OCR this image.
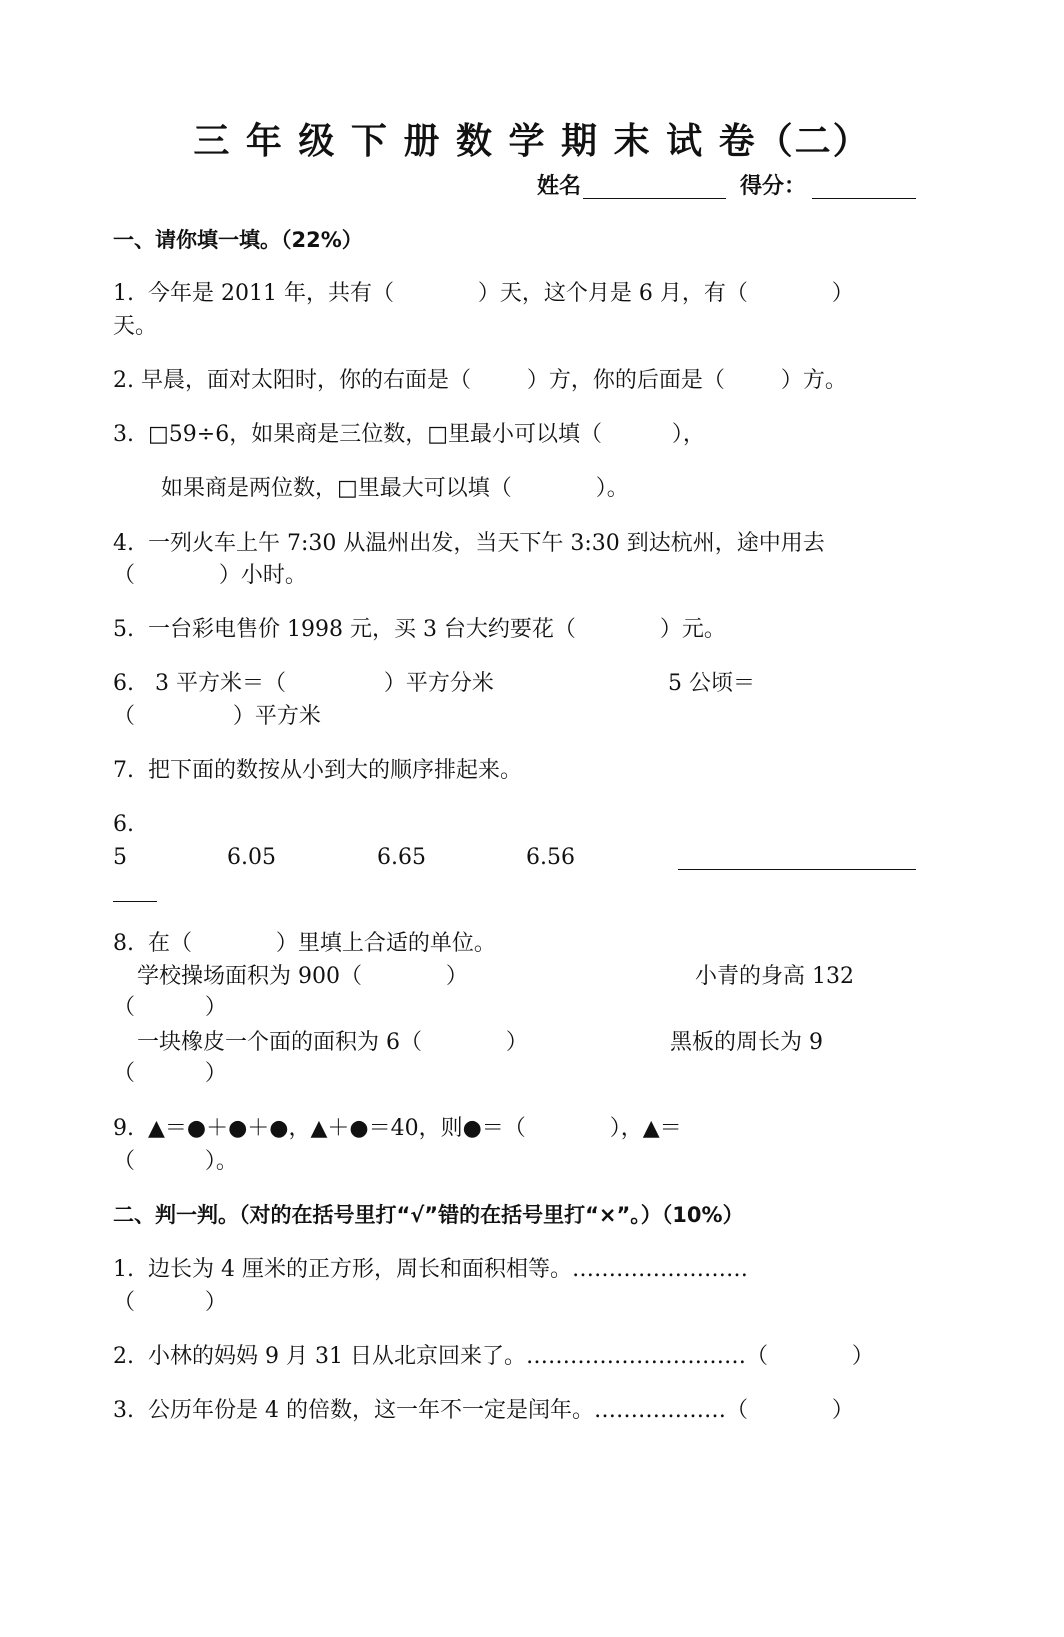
三 年 级 下 册 数 学 期 末 试 卷（二）
姓名	得分：
一、请你填一填。（22%）
1.  今年是 2011 年，共有（            ）天，这个月是 6 月，有（            ）
天。
2. 早晨，面对太阳时，你的右面是（        ）方，你的后面是（        ）方。
3.  □59÷6，如果商是三位数，□里最小可以填（          ），
如果商是两位数，□里最大可以填（            ）。
4.  一列火车上午 7:30 从温州出发，当天下午 3:30 到达杭州，途中用去
（            ）小时。
5.  一台彩电售价 1998 元，买 3 台大约要花（            ）元。
6.   3 平方米＝（              ）平方分米	5 公顷＝
（              ）平方米
7.  把下面的数按从小到大的顺序排起来。
6.
5	6.05	6.65	6.56
8.  在（            ）里填上合适的单位。
学校操场面积为 900（            ）	小青的身高 132
（          ）
一块橡皮一个面的面积为 6（            ）	黑板的周长为 9
（          ）
9.  ▲＝●＋●＋●，▲＋●＝40，则●＝（            ），▲＝
（          ）。
二、判一判。（对的在括号里打“√”错的在括号里打“×”。）（10%）
1.  边长为 4 厘米的正方形，周长和面积相等。……………………
（          ）
2.  小林的妈妈 9 月 31 日从北京回来了。…………………………（            ）
3.  公历年份是 4 的倍数，这一年不一定是闰年。………………（            ）
